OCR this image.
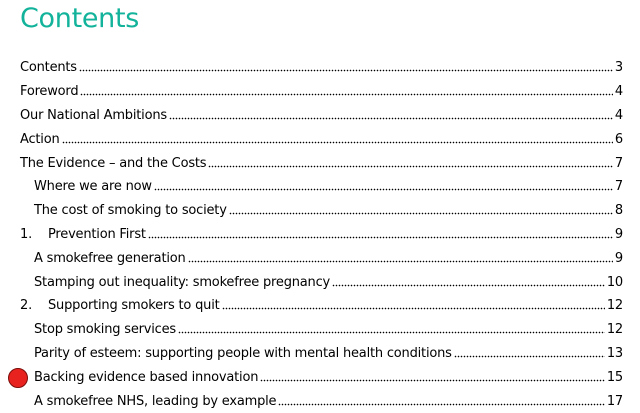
Contents
Contents	3
Foreword	4
Our National Ambitions	4
Action	6
The Evidence – and the Costs	7
Where we are now	7
The cost of smoking to society	8
1.	Prevention First	9
A smokefree generation	9
Stamping out inequality: smokefree pregnancy	10
2.	Supporting smokers to quit	12
Stop smoking services	12
Parity of esteem: supporting people with mental health conditions	13
Backing evidence based innovation	15
A smokefree NHS, leading by example	17
